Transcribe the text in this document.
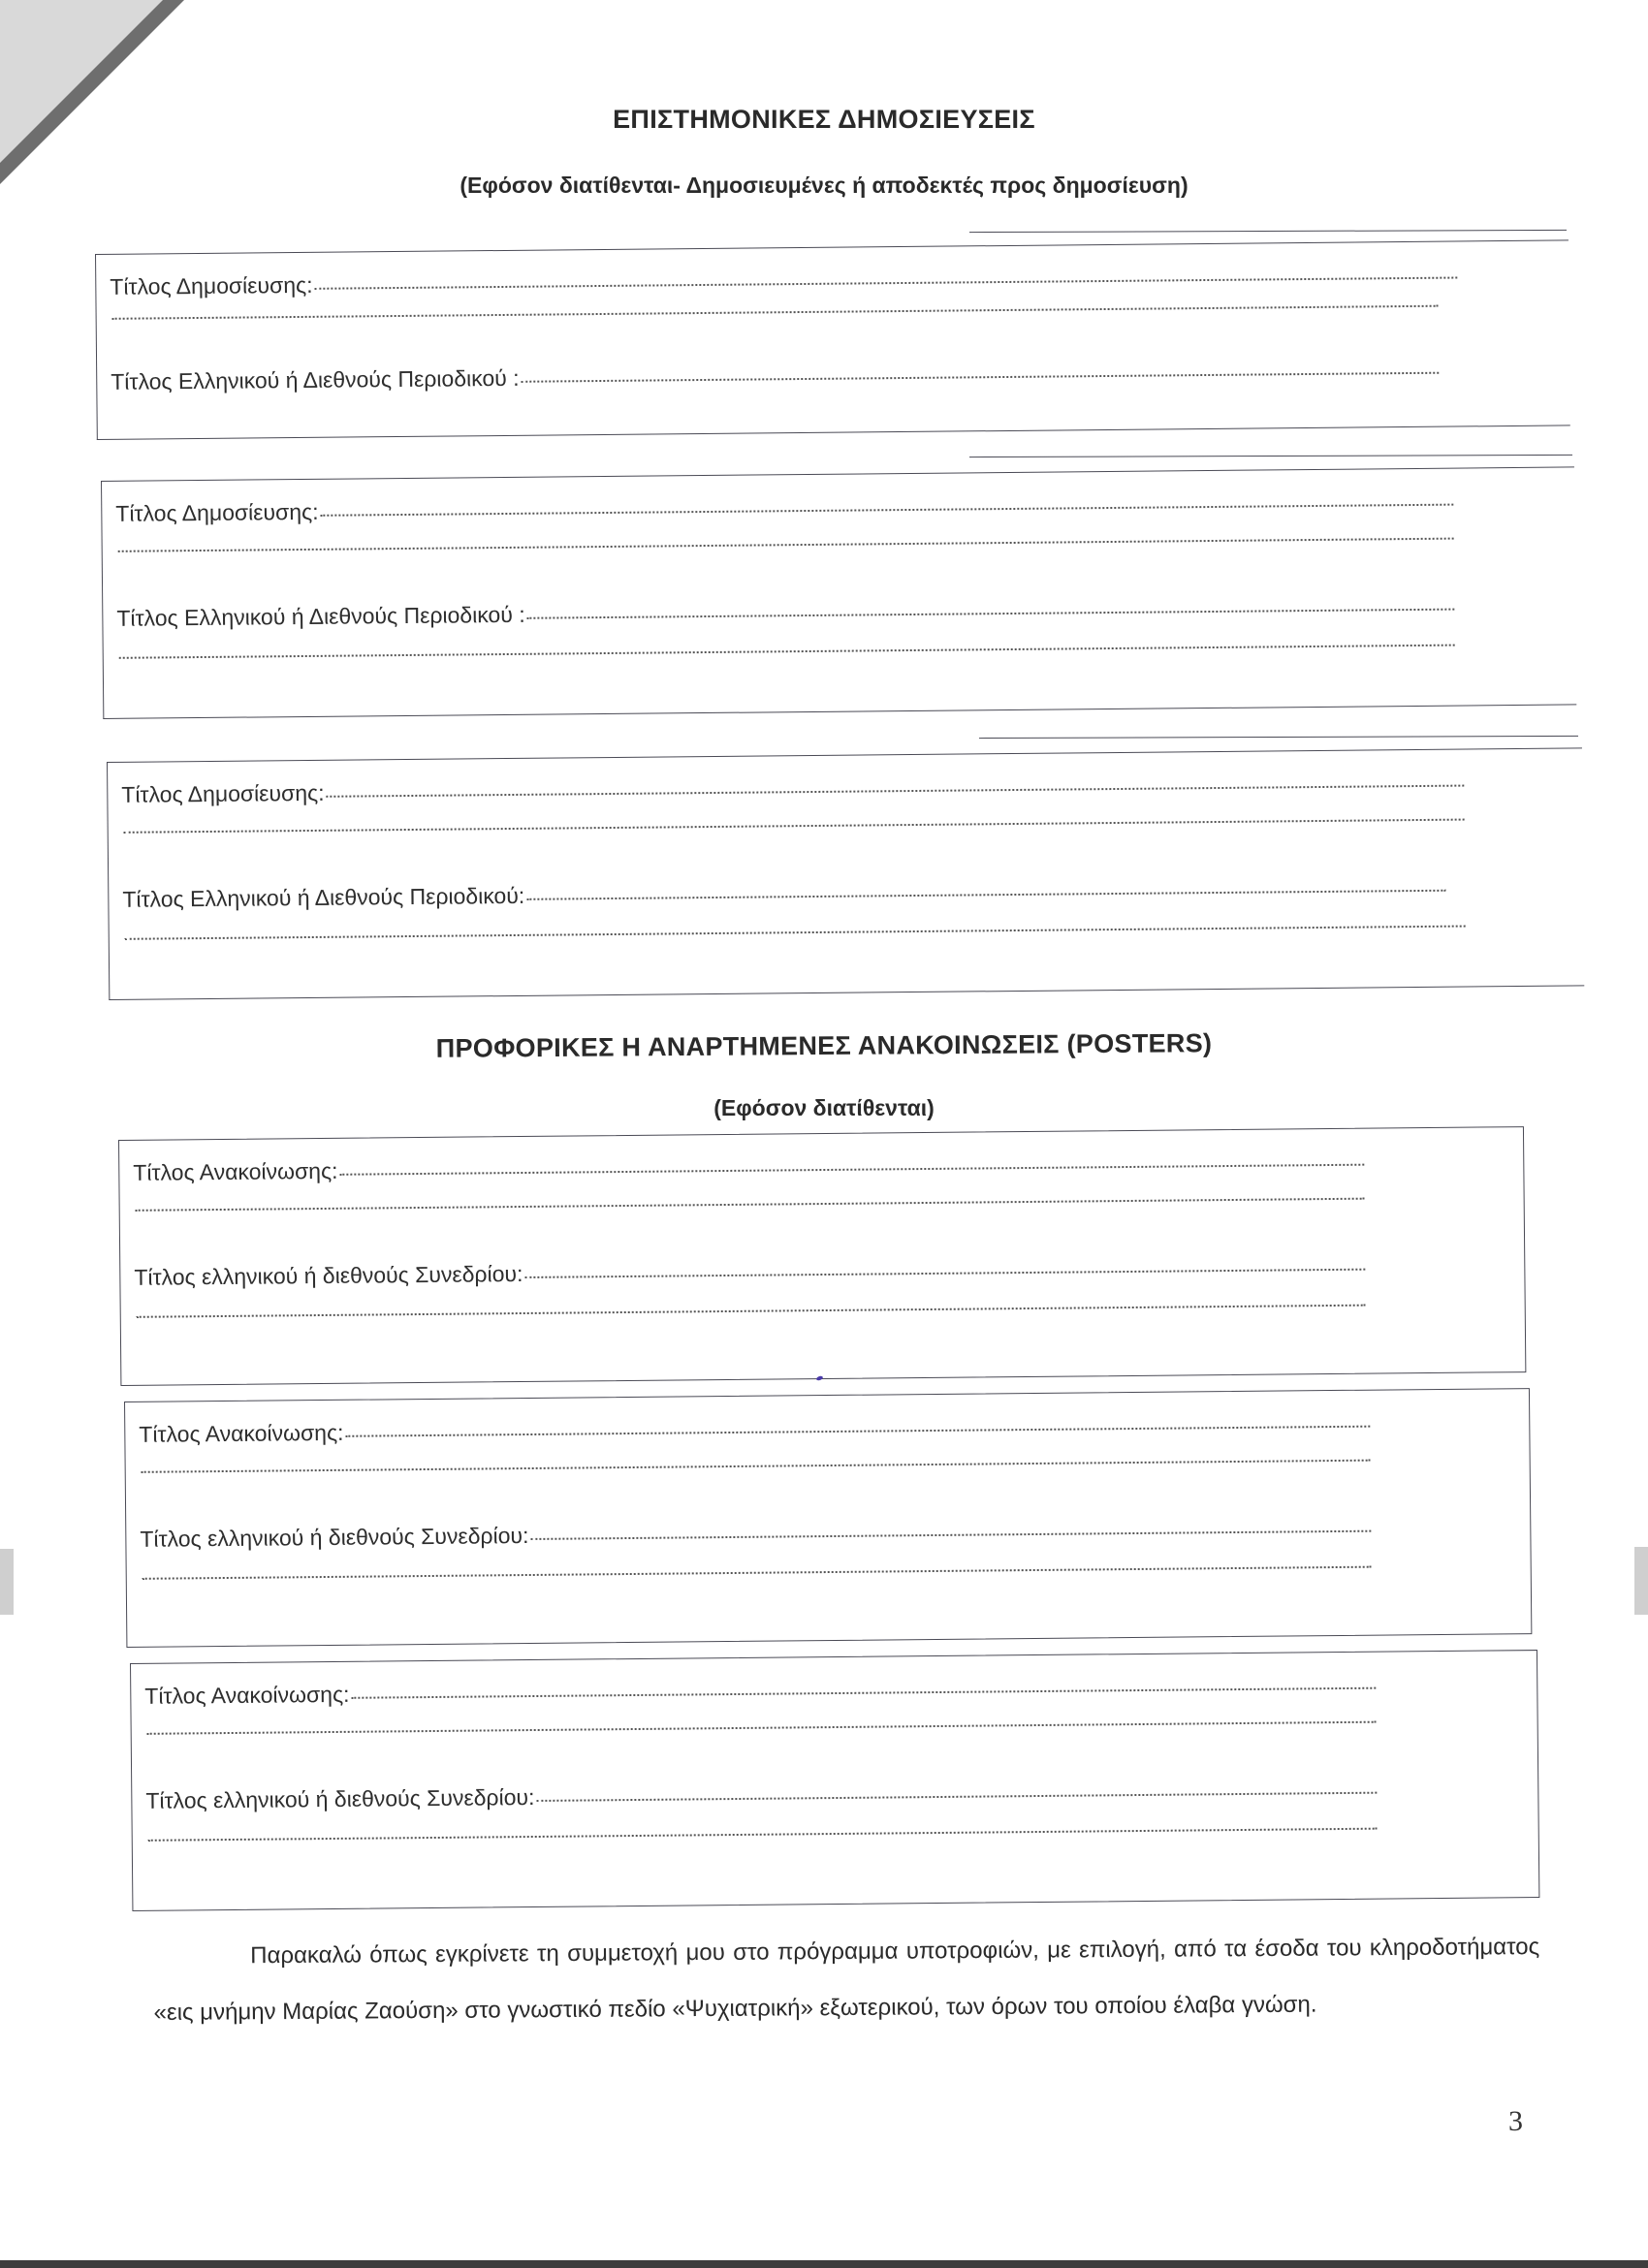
ΕΠΙΣΤΗΜΟΝΙΚΕΣ ΔΗΜΟΣΙΕΥΣΕΙΣ
(Εφόσον διατίθενται- Δημοσιευμένες ή αποδεκτές προς δημοσίευση)
Τίτλος Δημοσίευσης:
Τίτλος Ελληνικού ή Διεθνούς Περιοδικού :
Τίτλος Δημοσίευσης:
Τίτλος Ελληνικού ή Διεθνούς Περιοδικού :
Τίτλος Δημοσίευσης:
Τίτλος Ελληνικού ή Διεθνούς Περιοδικού:
ΠΡΟΦΟΡΙΚΕΣ Η ΑΝΑΡΤΗΜΕΝΕΣ ΑΝΑΚΟΙΝΩΣΕΙΣ (POSTERS)
(Εφόσον διατίθενται)
Τίτλος Ανακοίνωσης:
Τίτλος ελληνικού ή διεθνούς Συνεδρίου:
Τίτλος Ανακοίνωσης:
Τίτλος ελληνικού ή διεθνούς Συνεδρίου:
Τίτλος Ανακοίνωσης:
Τίτλος ελληνικού ή διεθνούς Συνεδρίου:
Παρακαλώ όπως εγκρίνετε τη συμμετοχή μου στο πρόγραμμα υποτροφιών, με επιλογή, από τα έσοδα του κληροδοτήματος «εις μνήμην Μαρίας Ζαούση» στο γνωστικό πεδίο «Ψυχιατρική» εξωτερικού, των όρων του οποίου έλαβα γνώση.
3
